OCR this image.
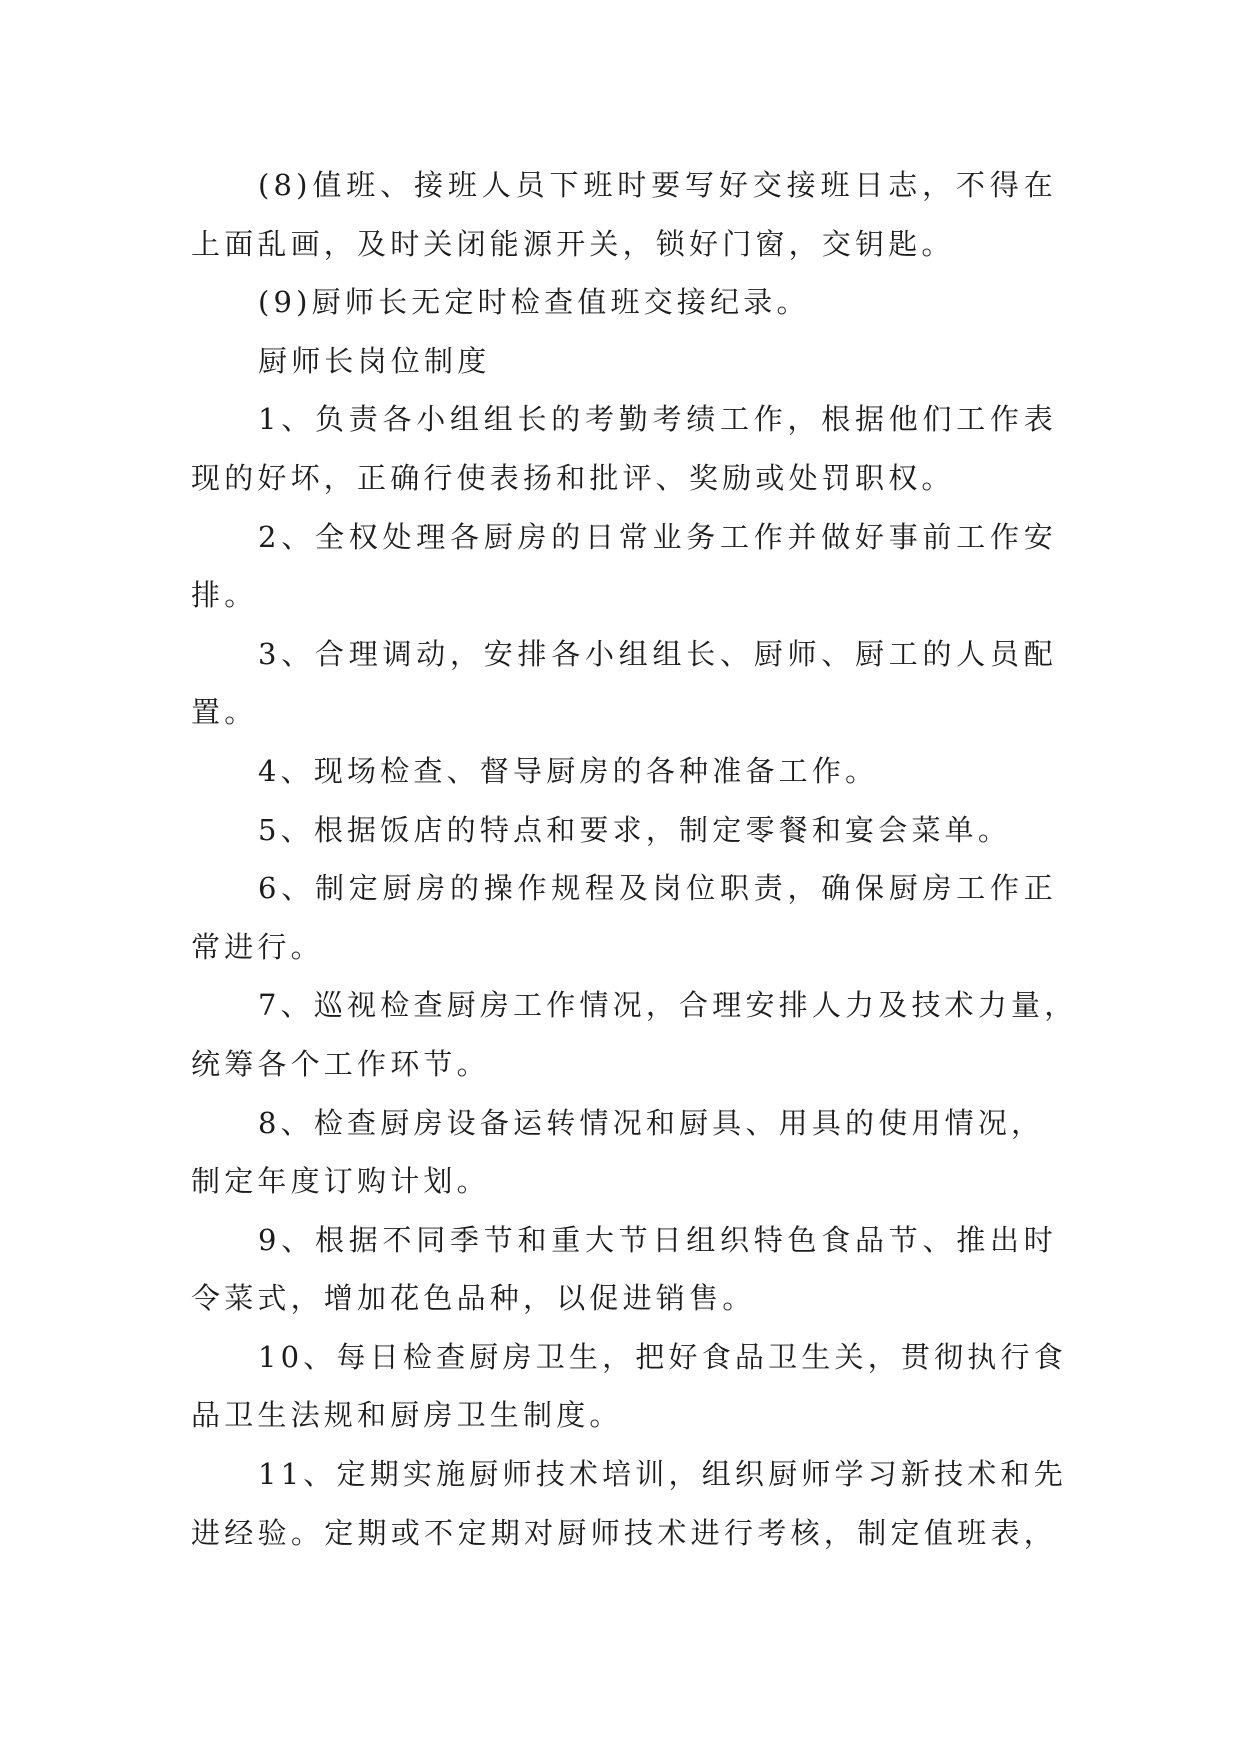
(8)值班、接班人员下班时要写好交接班日志，不得在
上面乱画，及时关闭能源开关，锁好门窗，交钥匙。
(9)厨师长无定时检查值班交接纪录。
厨师长岗位制度
1、负责各小组组长的考勤考绩工作，根据他们工作表
现的好坏，正确行使表扬和批评、奖励或处罚职权。
2、全权处理各厨房的日常业务工作并做好事前工作安
排。
3、合理调动，安排各小组组长、厨师、厨工的人员配
置。
4、现场检查、督导厨房的各种准备工作。
5、根据饭店的特点和要求，制定零餐和宴会菜单。
6、制定厨房的操作规程及岗位职责，确保厨房工作正
常进行。
7、巡视检查厨房工作情况，合理安排人力及技术力量，
统筹各个工作环节。
8、检查厨房设备运转情况和厨具、用具的使用情况，
制定年度订购计划。
9、根据不同季节和重大节日组织特色食品节、推出时
令菜式，增加花色品种，以促进销售。
10、每日检查厨房卫生，把好食品卫生关，贯彻执行食
品卫生法规和厨房卫生制度。
11、定期实施厨师技术培训，组织厨师学习新技术和先
进经验。定期或不定期对厨师技术进行考核，制定值班表，
